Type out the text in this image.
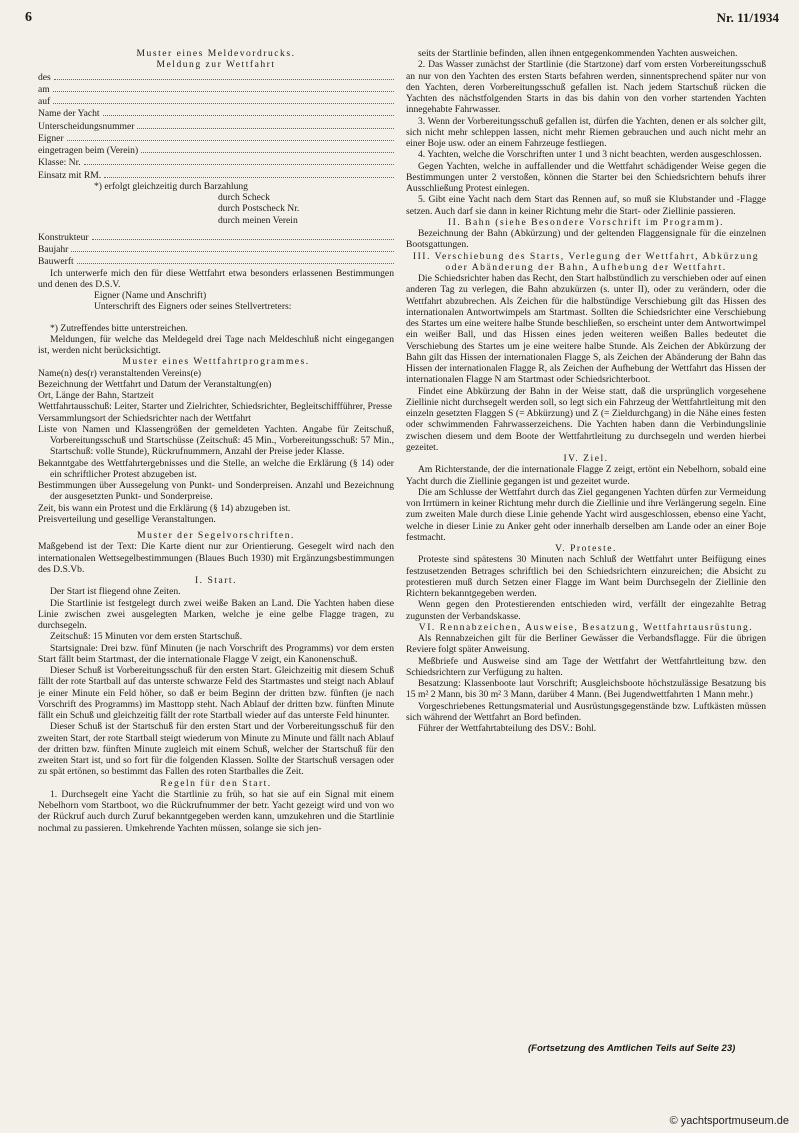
6	Nr. 11/1934
Muster eines Meldevordrucks.
Meldung zur Wettfahrt
des
am
auf
Name der Yacht
Unterscheidungsnummer
Eigner
eingetragen beim (Verein)
Klasse: Nr.
Einsatz mit RM.
*) erfolgt gleichzeitig durch Barzahlung
durch Scheck
durch Postscheck Nr.
durch meinen Verein
Konstrukteur
Baujahr
Bauwerft
Ich unterwerfe mich den für diese Wettfahrt etwa besonders erlassenen Bestimmungen und denen des D.S.V.
Eigner (Name und Anschrift)
Unterschrift des Eigners oder seines Stellvertreters:
*) Zutreffendes bitte unterstreichen.
Meldungen, für welche das Meldegeld drei Tage nach Meldeschluß nicht eingegangen ist, werden nicht berücksichtigt.
Muster eines Wettfahrtprogrammes.
Name(n) des(r) veranstaltenden Vereins(e)
Bezeichnung der Wettfahrt und Datum der Veranstaltung(en)
Ort, Länge der Bahn, Startzeit
Wettfahrtausschuß: Leiter, Starter und Zielrichter, Schiedsrichter, Begleitschiffführer, Presse
Versammlungsort der Schiedsrichter nach der Wettfahrt
Liste von Namen und Klassengrößen der gemeldeten Yachten. Angabe für Zeitschuß, Vorbereitungsschuß und Startschüsse (Zeitschuß: 45 Min., Vorbereitungsschuß: 57 Min., Startschuß: volle Stunde), Rückrufnummern, Anzahl der Preise jeder Klasse.
Bekanntgabe des Wettfahrtergebnisses und die Stelle, an welche die Erklärung (§ 14) oder ein schriftlicher Protest abzugeben ist.
Bestimmungen über Aussegelung von Punkt- und Sonderpreisen. Anzahl und Bezeichnung der ausgesetzten Punkt- und Sonderpreise.
Zeit, bis wann ein Protest und die Erklärung (§ 14) abzugeben ist.
Preisverteilung und gesellige Veranstaltungen.
Muster der Segelvorschriften.
Maßgebend ist der Text: Die Karte dient nur zur Orientierung. Gesegelt wird nach den internationalen Wettsegelbestimmungen (Blaues Buch 1930) mit Ergänzungsbestimmungen des D.S.Vb.
I. Start.
Der Start ist fliegend ohne Zeiten.
Die Startlinie ist festgelegt durch zwei weiße Baken an Land. Die Yachten haben diese Linie zwischen zwei ausgelegten Marken, welche je eine gelbe Flagge tragen, zu durchsegeln.
Zeitschuß: 15 Minuten vor dem ersten Startschuß.
Startsignale: Drei bzw. fünf Minuten (je nach Vorschrift des Programms) vor dem ersten Start fällt beim Startmast, der die internationale Flagge V zeigt, ein Kanonenschuß.
Dieser Schuß ist Vorbereitungsschuß für den ersten Start. Gleichzeitig mit diesem Schuß fällt der rote Startball auf das unterste schwarze Feld des Startmastes und steigt nach Ablauf je einer Minute ein Feld höher, so daß er beim Beginn der dritten bzw. fünften (je nach Vorschrift des Programms) im Masttopp steht. Nach Ablauf der dritten bzw. fünften Minute fällt ein Schuß und gleichzeitig fällt der rote Startball wieder auf das unterste Feld hinunter.
Dieser Schuß ist der Startschuß für den ersten Start und der Vorbereitungsschuß für den zweiten Start, der rote Startball steigt wiederum von Minute zu Minute und fällt nach Ablauf der dritten bzw. fünften Minute zugleich mit einem Schuß, welcher der Startschuß für den zweiten Start ist, und so fort für die folgenden Klassen. Sollte der Startschuß versagen oder zu spät ertönen, so bestimmt das Fallen des roten Startballes die Zeit.
Regeln für den Start.
1. Durchsegelt eine Yacht die Startlinie zu früh, so hat sie auf ein Signal mit einem Nebelhorn vom Startboot, wo die Rückrufnummer der betr. Yacht gezeigt wird und von wo der Rückruf auch durch Zuruf bekanntgegeben werden kann, umzukehren und die Startlinie nochmal zu passieren. Umkehrende Yachten müssen, solange sie sich jen-
seits der Startlinie befinden, allen ihnen entgegenkommenden Yachten ausweichen.
2. Das Wasser zunächst der Startlinie (die Startzone) darf vom ersten Vorbereitungsschuß an nur von den Yachten des ersten Starts befahren werden, sinnentsprechend später nur von den Yachten, deren Vorbereitungsschuß gefallen ist. Nach jedem Startschuß rücken die Yachten des nächstfolgenden Starts in das bis dahin von den vorher startenden Yachten innegehabte Fahrwasser.
3. Wenn der Vorbereitungsschuß gefallen ist, dürfen die Yachten, denen er als solcher gilt, sich nicht mehr schleppen lassen, nicht mehr Riemen gebrauchen und auch nicht mehr an einer Boje usw. oder an einem Fahrzeuge festliegen.
4. Yachten, welche die Vorschriften unter 1 und 3 nicht beachten, werden ausgeschlossen.
Gegen Yachten, welche in auffallender und die Wettfahrt schädigender Weise gegen die Bestimmungen unter 2 verstoßen, können die Starter bei den Schiedsrichtern behufs ihrer Ausschließung Protest einlegen.
5. Gibt eine Yacht nach dem Start das Rennen auf, so muß sie Klubstander und -Flagge setzen. Auch darf sie dann in keiner Richtung mehr die Start- oder Ziellinie passieren.
II. Bahn (siehe Besondere Vorschrift im Programm).
Bezeichnung der Bahn (Abkürzung) und der geltenden Flaggensignale für die einzelnen Bootsgattungen.
III. Verschiebung des Starts, Verlegung der Wettfahrt, Abkürzung oder Abänderung der Bahn, Aufhebung der Wettfahrt.
Die Schiedsrichter haben das Recht, den Start halbstündlich zu verschieben oder auf einen anderen Tag zu verlegen, die Bahn abzukürzen (s. unter II), oder zu verändern, oder die Wettfahrt abzubrechen. Als Zeichen für die halbstündige Verschiebung gilt das Hissen des internationalen Antwortwimpels am Startmast. Sollten die Schiedsrichter eine Verschiebung des Startes um eine weitere halbe Stunde beschließen, so erscheint unter dem Antwortwimpel ein weißer Ball, und das Hissen eines jeden weiteren weißen Balles bedeutet die Verschiebung des Startes um je eine weitere halbe Stunde. Als Zeichen der Abkürzung der Bahn gilt das Hissen der internationalen Flagge S, als Zeichen der Abänderung der Bahn das Hissen der internationalen Flagge R, als Zeichen der Aufhebung der Wettfahrt das Hissen der internationalen Flagge N am Startmast oder Schiedsrichterboot.
Findet eine Abkürzung der Bahn in der Weise statt, daß die ursprünglich vorgesehene Ziellinie nicht durchsegelt werden soll, so legt sich ein Fahrzeug der Wettfahrtleitung mit den einzeln gesetzten Flaggen S (= Abkürzung) und Z (= Zieldurchgang) in die Nähe eines festen oder schwimmenden Fahrwasserzeichens. Die Yachten haben dann die Verbindungslinie zwischen diesem und dem Boote der Wettfahrtleitung zu durchsegeln und werden hierbei gezeitet.
IV. Ziel.
Am Richterstande, der die internationale Flagge Z zeigt, ertönt ein Nebelhorn, sobald eine Yacht durch die Ziellinie gegangen ist und gezeitet wurde.
Die am Schlusse der Wettfahrt durch das Ziel gegangenen Yachten dürfen zur Vermeidung von Irrtümern in keiner Richtung mehr durch die Ziellinie und ihre Verlängerung segeln. Eine zum zweiten Male durch diese Linie gehende Yacht wird ausgeschlossen, ebenso eine Yacht, welche in dieser Linie zu Anker geht oder innerhalb derselben am Lande oder an einer Boje festmacht.
V. Proteste.
Proteste sind spätestens 30 Minuten nach Schluß der Wettfahrt unter Beifügung eines festzusetzenden Betrages schriftlich bei den Schiedsrichtern einzureichen; die Absicht zu protestieren muß durch Setzen einer Flagge im Want beim Durchsegeln der Ziellinie den Richtern bekanntgegeben werden.
Wenn gegen den Protestierenden entschieden wird, verfällt der eingezahlte Betrag zugunsten der Verbandskasse.
VI. Rennabzeichen, Ausweise, Besatzung, Wettfahrtausrüstung.
Als Rennabzeichen gilt für die Berliner Gewässer die Verbandsflagge. Für die übrigen Reviere folgt später Anweisung.
Meßbriefe und Ausweise sind am Tage der Wettfahrt der Wettfahrtleitung bzw. den Schiedsrichtern zur Verfügung zu halten.
Besatzung: Klassenboote laut Vorschrift; Ausgleichsboote höchstzulässige Besatzung bis 15 m² 2 Mann, bis 30 m² 3 Mann, darüber 4 Mann. (Bei Jugendwettfahrten 1 Mann mehr.)
Vorgeschriebenes Rettungsmaterial und Ausrüstungsgegenstände bzw. Luftkästen müssen sich während der Wettfahrt an Bord befinden.
Führer der Wettfahrtabteilung des DSV.: Bohl.
(Fortsetzung des Amtlichen Teils auf Seite 23)
© yachtsportmuseum.de
